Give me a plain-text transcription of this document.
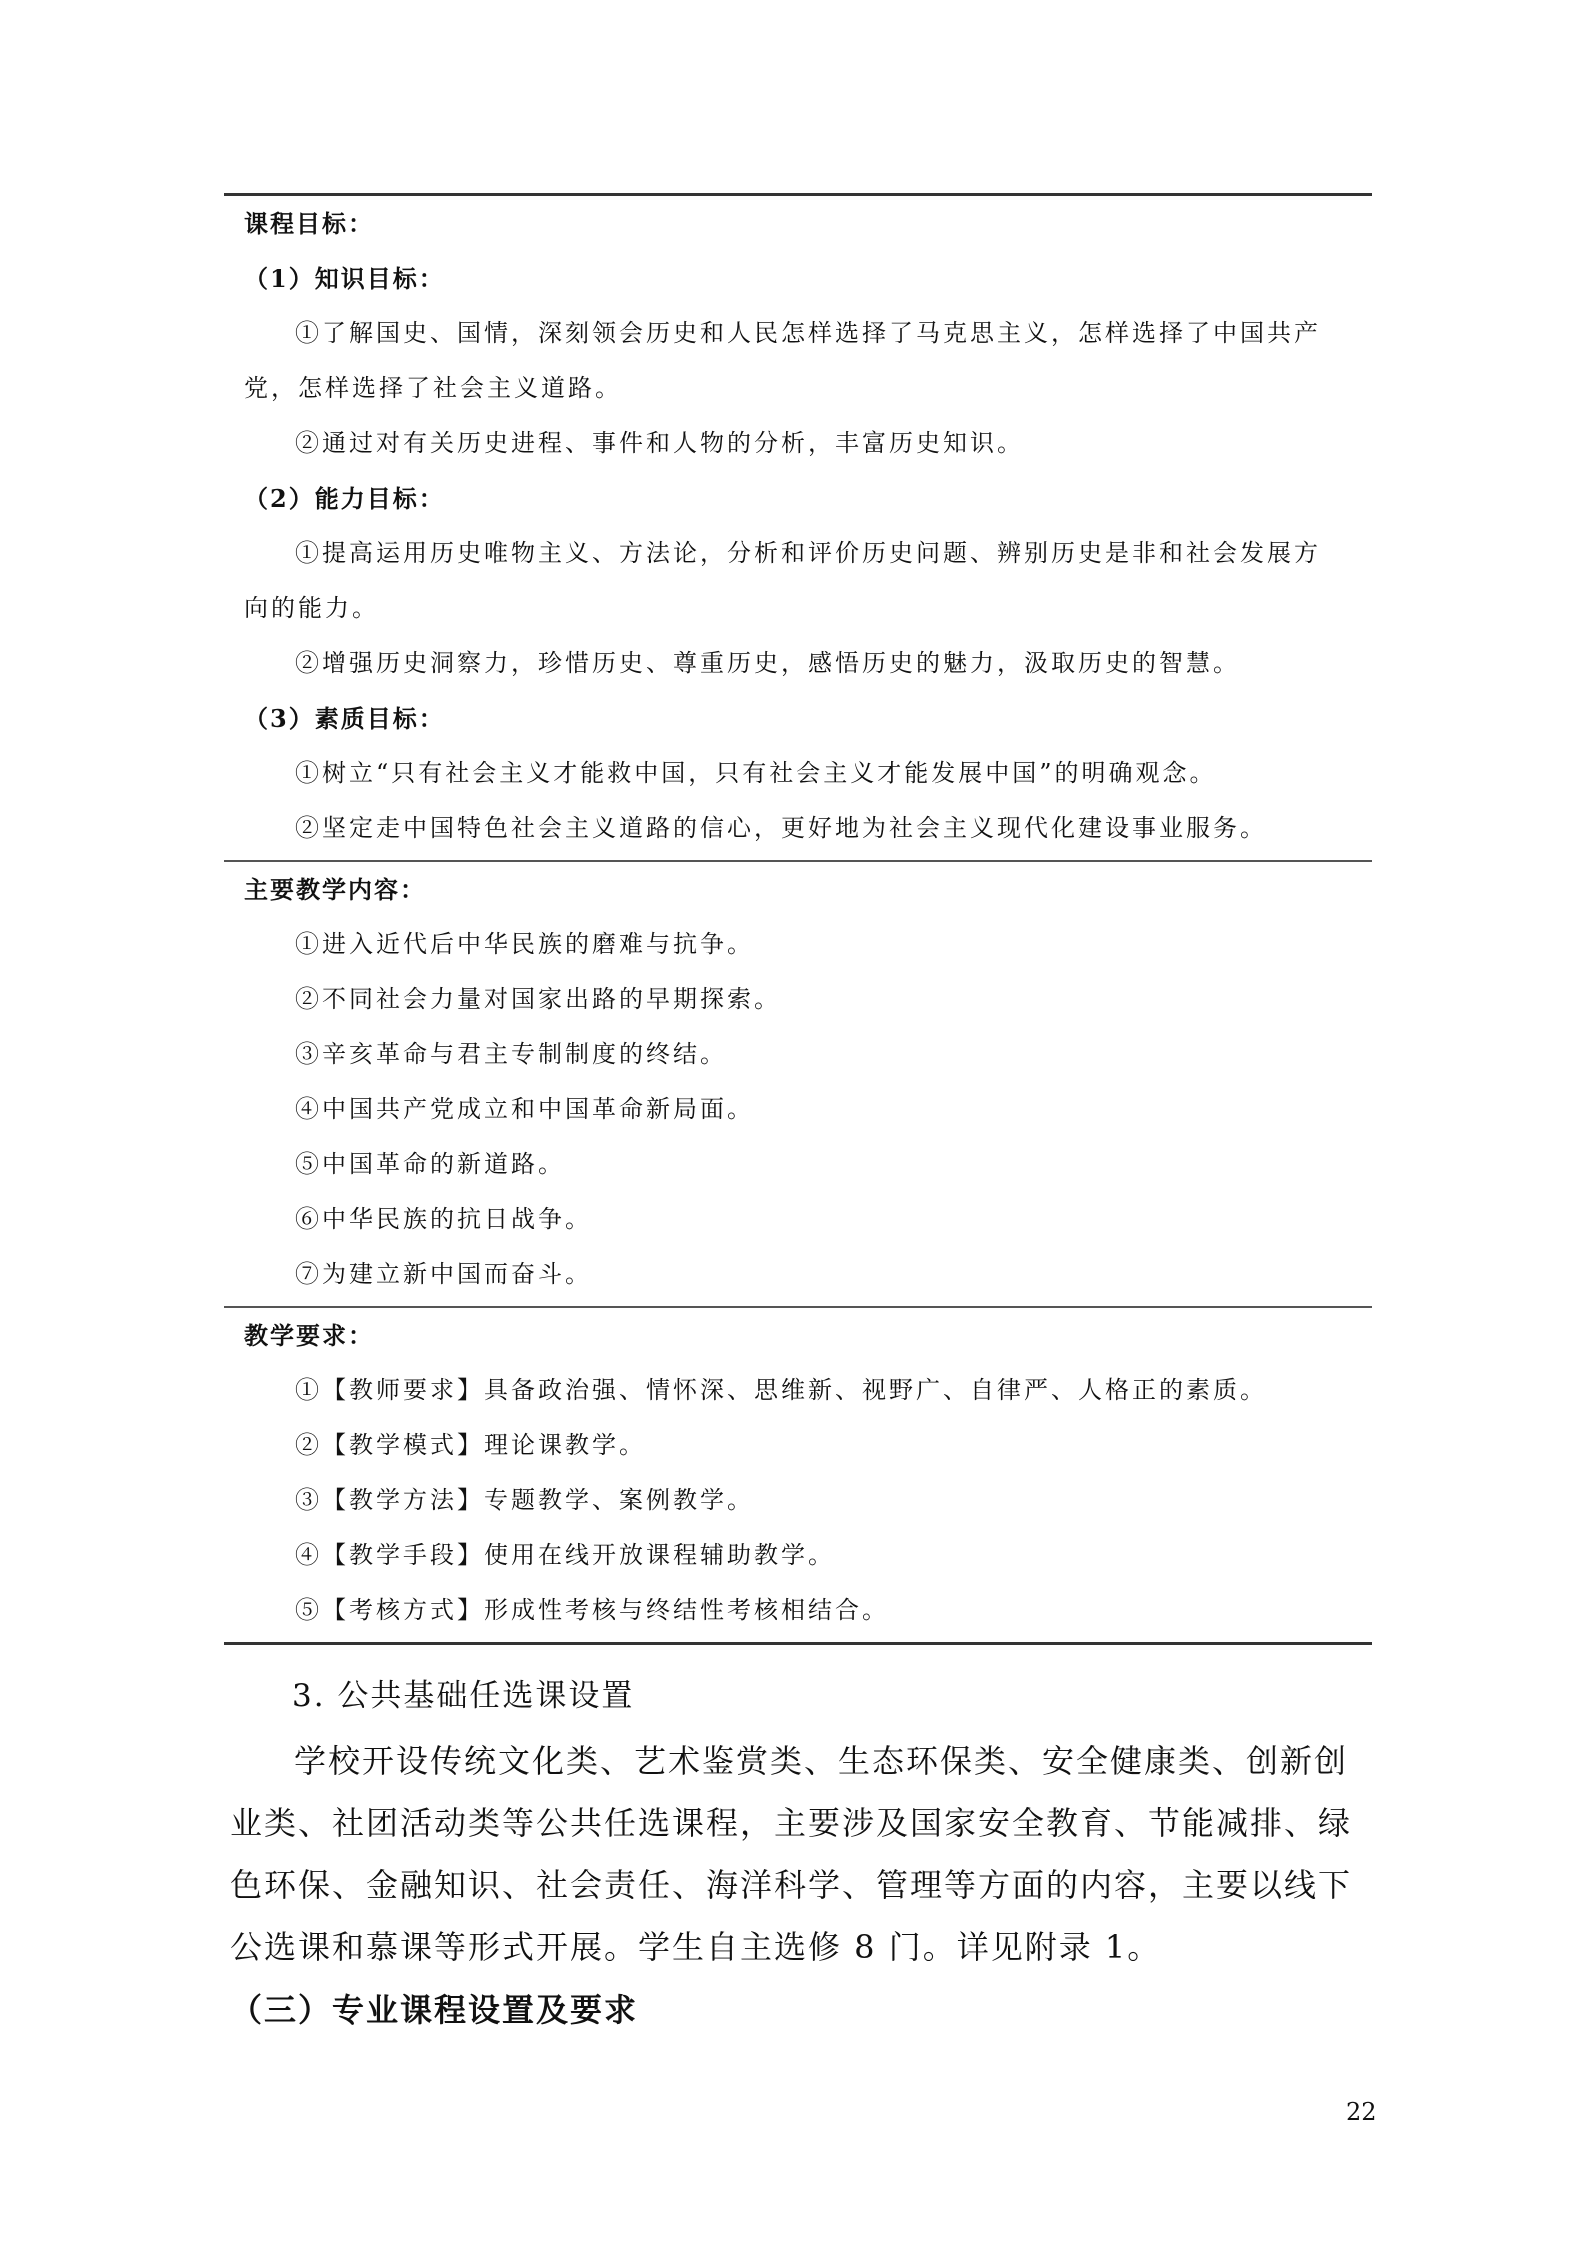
课程目标：
（1）知识目标：
①了解国史、国情，深刻领会历史和人民怎样选择了马克思主义，怎样选择了中国共产
党，怎样选择了社会主义道路。
②通过对有关历史进程、事件和人物的分析，丰富历史知识。
（2）能力目标：
①提高运用历史唯物主义、方法论，分析和评价历史问题、辨别历史是非和社会发展方
向的能力。
②增强历史洞察力，珍惜历史、尊重历史，感悟历史的魅力，汲取历史的智慧。
（3）素质目标：
①树立“只有社会主义才能救中国，只有社会主义才能发展中国”的明确观念。
②坚定走中国特色社会主义道路的信心，更好地为社会主义现代化建设事业服务。
主要教学内容：
①进入近代后中华民族的磨难与抗争。
②不同社会力量对国家出路的早期探索。
③辛亥革命与君主专制制度的终结。
④中国共产党成立和中国革命新局面。
⑤中国革命的新道路。
⑥中华民族的抗日战争。
⑦为建立新中国而奋斗。
教学要求：
①【教师要求】具备政治强、情怀深、思维新、视野广、自律严、人格正的素质。
②【教学模式】理论课教学。
③【教学方法】专题教学、案例教学。
④【教学手段】使用在线开放课程辅助教学。
⑤【考核方式】形成性考核与终结性考核相结合。
3. 公共基础任选课设置
学校开设传统文化类、艺术鉴赏类、生态环保类、安全健康类、创新创业类、社团活动类等公共任选课程，主要涉及国家安全教育、节能减排、绿色环保、金融知识、社会责任、海洋科学、管理等方面的内容，主要以线下公选课和慕课等形式开展。学生自主选修 8 门。详见附录 1。
（三）专业课程设置及要求
22
